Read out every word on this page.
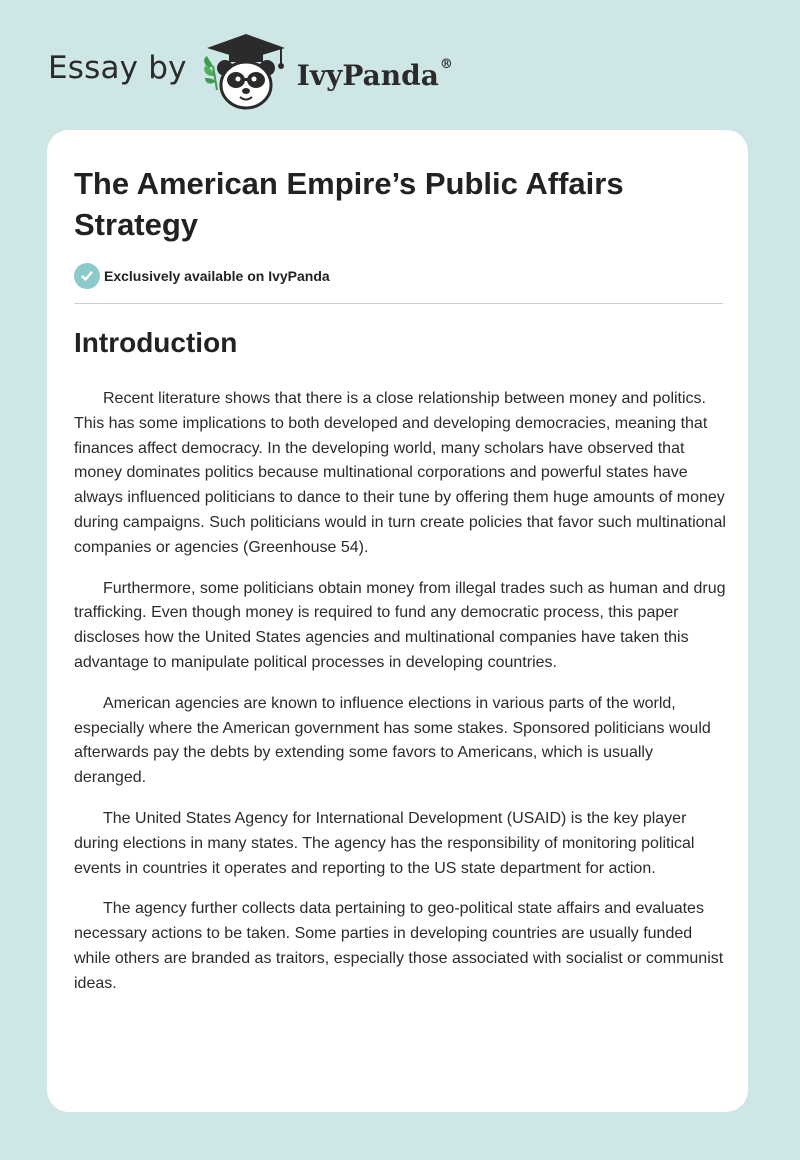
Essay by	IvyPanda®
The American Empire’s Public Affairs Strategy
Exclusively available on IvyPanda
Introduction

Recent literature shows that there is a close relationship between money and politics. This has some implications to both developed and developing democracies, meaning that finances affect democracy. In the developing world, many scholars have observed that money dominates politics because multinational corporations and powerful states have always influenced politicians to dance to their tune by offering them huge amounts of money during campaigns. Such politicians would in turn create policies that favor such multinational companies or agencies (Greenhouse 54).

Furthermore, some politicians obtain money from illegal trades such as human and drug trafficking. Even though money is required to fund any democratic process, this paper discloses how the United States agencies and multinational companies have taken this advantage to manipulate political processes in developing countries.

American agencies are known to influence elections in various parts of the world, especially where the American government has some stakes. Sponsored politicians would afterwards pay the debts by extending some favors to Americans, which is usually deranged.

The United States Agency for International Development (USAID) is the key player during elections in many states. The agency has the responsibility of monitoring political events in countries it operates and reporting to the US state department for action.

The agency further collects data pertaining to geo-political state affairs and evaluates necessary actions to be taken. Some parties in developing countries are usually funded while others are branded as traitors, especially those associated with socialist or communist ideas.
